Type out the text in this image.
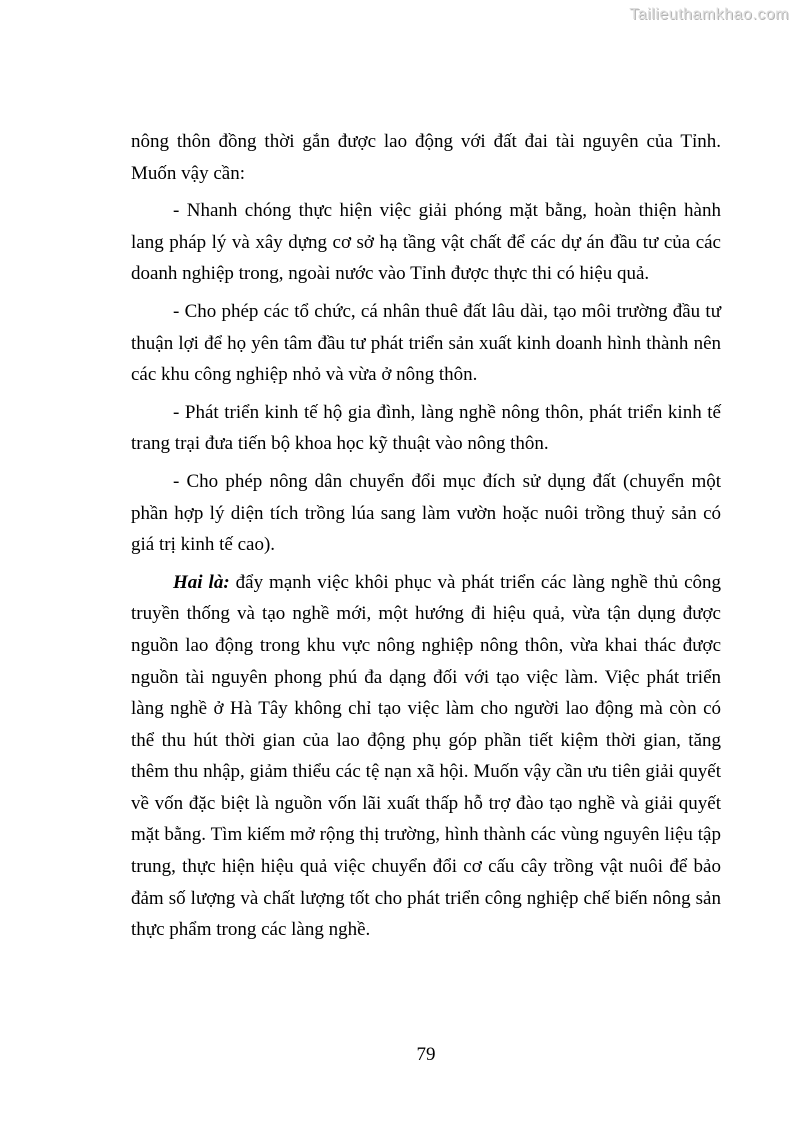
Tailieuthamkhao.com

nông thôn đồng thời gắn được lao động với đất đai tài nguyên của Tỉnh. Muốn vậy cần:

- Nhanh chóng thực hiện việc giải phóng mặt bằng, hoàn thiện hành lang pháp lý và xây dựng cơ sở hạ tầng vật chất để các dự án đầu tư của các doanh nghiệp trong, ngoài nước vào Tỉnh được thực thi có hiệu quả.

- Cho phép các tổ chức, cá nhân thuê đất lâu dài, tạo môi trường đầu tư thuận lợi để họ yên tâm đầu tư phát triển sản xuất kinh doanh hình thành nên các khu công nghiệp nhỏ và vừa ở nông thôn.

- Phát triển kinh tế hộ gia đình, làng nghề nông thôn, phát triển kinh tế trang trại đưa tiến bộ khoa học kỹ thuật vào nông thôn.

- Cho phép nông dân chuyển đổi mục đích sử dụng đất (chuyển một phần hợp lý diện tích trồng lúa sang làm vườn hoặc nuôi trồng thuỷ sản có giá trị kinh tế cao).

Hai là: đẩy mạnh việc khôi phục và phát triển các làng nghề thủ công truyền thống và tạo nghề mới, một hướng đi hiệu quả, vừa tận dụng được nguồn lao động trong khu vực nông nghiệp nông thôn, vừa khai thác được nguồn tài nguyên phong phú đa dạng đối với tạo việc làm. Việc phát triển làng nghề ở Hà Tây không chỉ tạo việc làm cho người lao động mà còn có thể thu hút thời gian của lao động phụ góp phần tiết kiệm thời gian, tăng thêm thu nhập, giảm thiểu các tệ nạn xã hội. Muốn vậy cần ưu tiên giải quyết về vốn đặc biệt là nguồn vốn lãi xuất thấp hỗ trợ đào tạo nghề và giải quyết mặt bằng. Tìm kiếm mở rộng thị trường, hình thành các vùng nguyên liệu tập trung, thực hiện hiệu quả việc chuyển đổi cơ cấu cây trồng vật nuôi để bảo đảm số lượng và chất lượng tốt cho phát triển công nghiệp chế biến nông sản thực phẩm trong các làng nghề.

79
